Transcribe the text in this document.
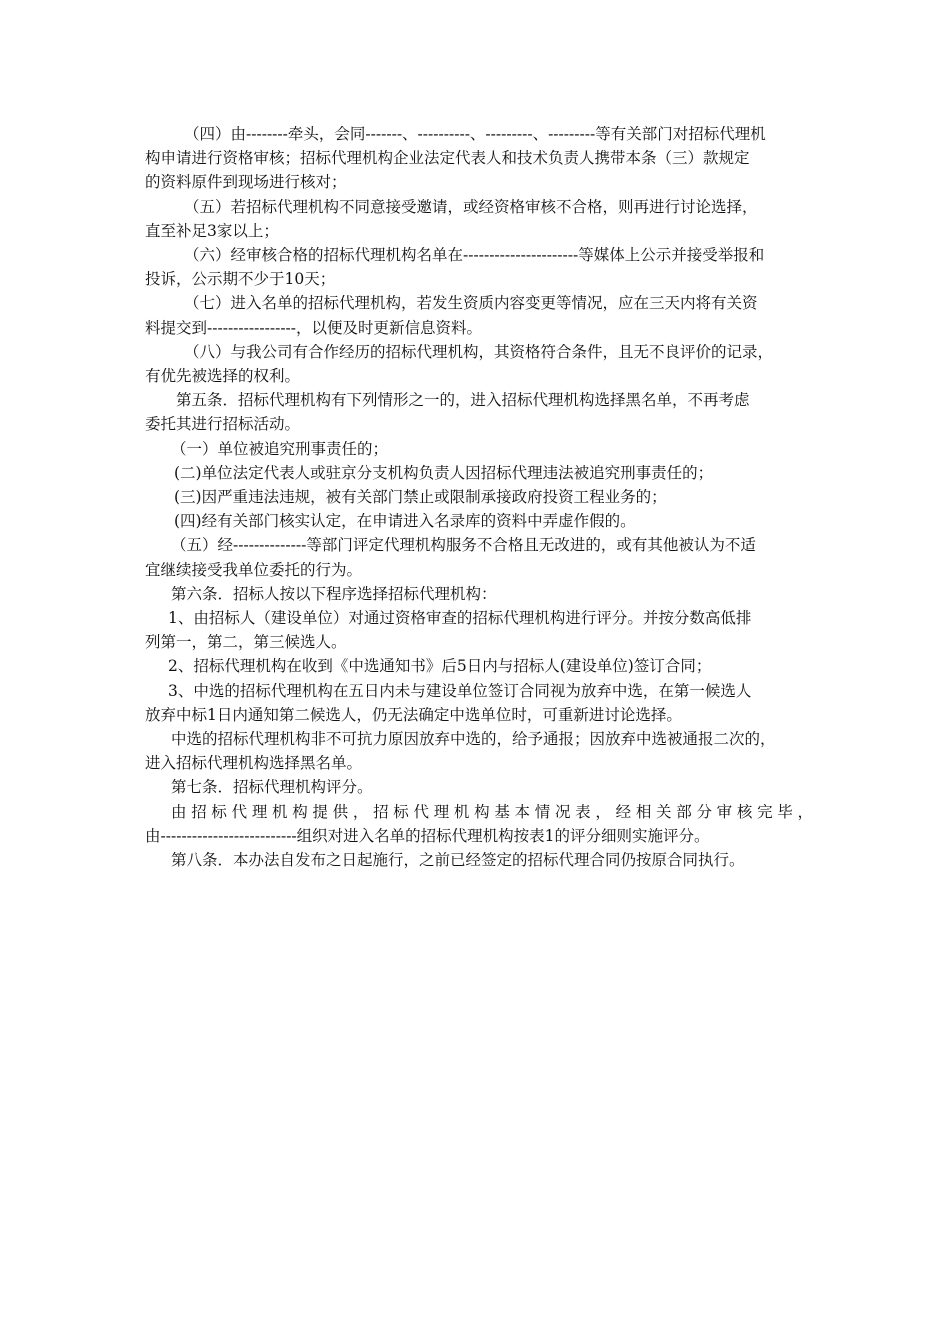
（四）由--------牵头，会同-------、----------、---------、---------等有关部门对招标代理机
构申请进行资格审核；招标代理机构企业法定代表人和技术负责人携带本条（三）款规定
的资料原件到现场进行核对；
（五）若招标代理机构不同意接受邀请，或经资格审核不合格，则再进行讨论选择，
直至补足3家以上；
（六）经审核合格的招标代理机构名单在----------------------等媒体上公示并接受举报和
投诉，公示期不少于10天；
（七）进入名单的招标代理机构，若发生资质内容变更等情况，应在三天内将有关资
料提交到-----------------，以便及时更新信息资料。
（八）与我公司有合作经历的招标代理机构，其资格符合条件，且无不良评价的记录，
有优先被选择的权利。
第五条．招标代理机构有下列情形之一的，进入招标代理机构选择黑名单，不再考虑
委托其进行招标活动。
（一）单位被追究刑事责任的；
(二)单位法定代表人或驻京分支机构负责人因招标代理违法被追究刑事责任的；
(三)因严重违法违规，被有关部门禁止或限制承接政府投资工程业务的；
(四)经有关部门核实认定，在申请进入名录库的资料中弄虚作假的。
（五）经--------------等部门评定代理机构服务不合格且无改进的，或有其他被认为不适
宜继续接受我单位委托的行为。
第六条．招标人按以下程序选择招标代理机构：
1、由招标人（建设单位）对通过资格审查的招标代理机构进行评分。并按分数高低排
列第一，第二，第三候选人。
2、招标代理机构在收到《中选通知书》后5日内与招标人(建设单位)签订合同；
3、中选的招标代理机构在五日内未与建设单位签订合同视为放弃中选，在第一候选人
放弃中标1日内通知第二候选人，仍无法确定中选单位时，可重新进讨论选择。
中选的招标代理机构非不可抗力原因放弃中选的，给予通报；因放弃中选被通报二次的，
进入招标代理机构选择黑名单。
第七条．招标代理机构评分。
由招标代理机构提供，招标代理机构基本情况表，经相关部分审核完毕，
由--------------------------组织对进入名单的招标代理机构按表1的评分细则实施评分。
第八条．本办法自发布之日起施行，之前已经签定的招标代理合同仍按原合同执行。
